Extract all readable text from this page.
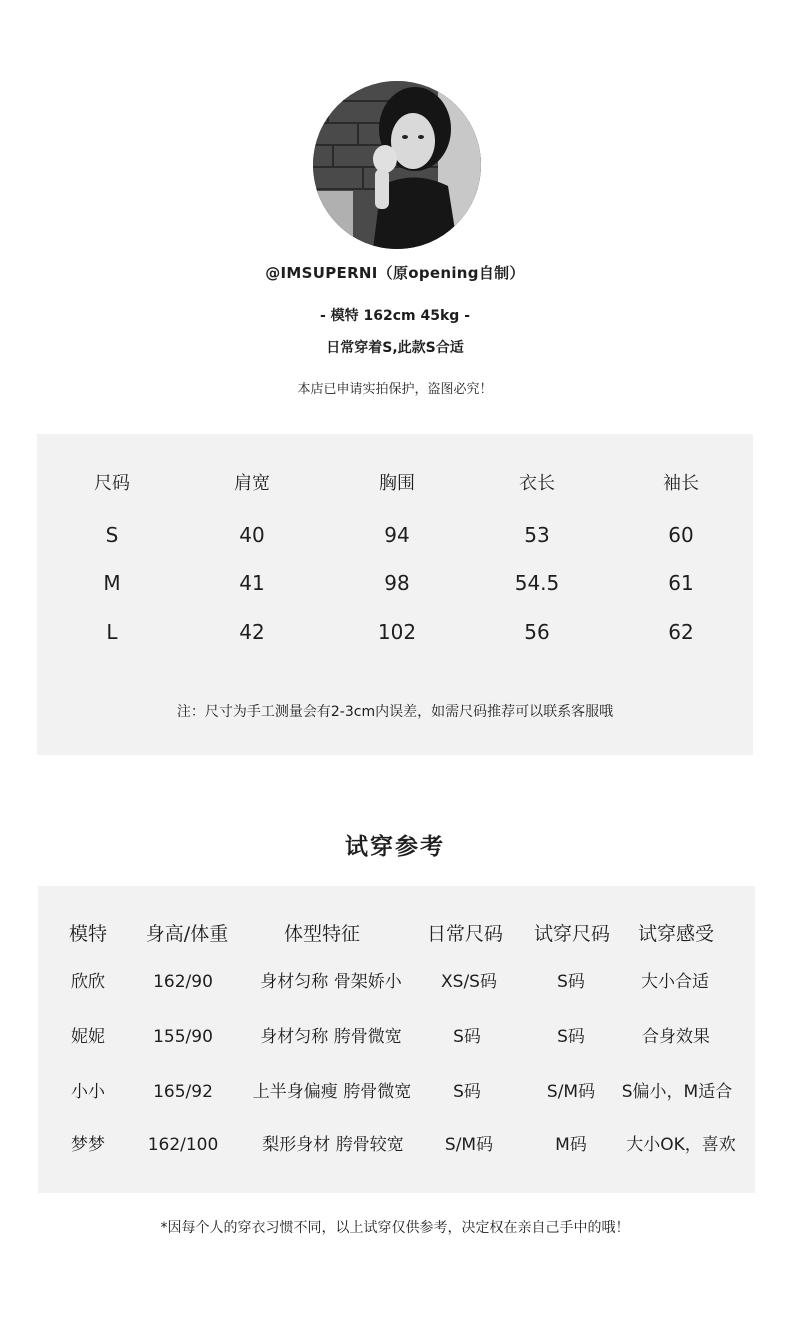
@IMSUPERNI（原opening自制）
- 模特 162cm 45kg -
日常穿着S,此款S合适
本店已申请实拍保护，盗图必究！
尺码	肩宽	胸围	衣长	袖长
S	40	94	53	60
M	41	98	54.5	61
L	42	102	56	62
注：尺寸为手工测量会有2-3cm内误差，如需尺码推荐可以联系客服哦
试穿参考
模特	身高/体重	体型特征	日常尺码	试穿尺码	试穿感受
欣欣	162/90	身材匀称 骨架娇小	XS/S码	S码	大小合适
妮妮	155/90	身材匀称 胯骨微宽	S码	S码	合身效果
小小	165/92	上半身偏瘦 胯骨微宽	S码	S/M码	S偏小，M适合
梦梦	162/100	梨形身材 胯骨较宽	S/M码	M码	大小OK，喜欢
*因每个人的穿衣习惯不同，以上试穿仅供参考，决定权在亲自己手中的哦！
